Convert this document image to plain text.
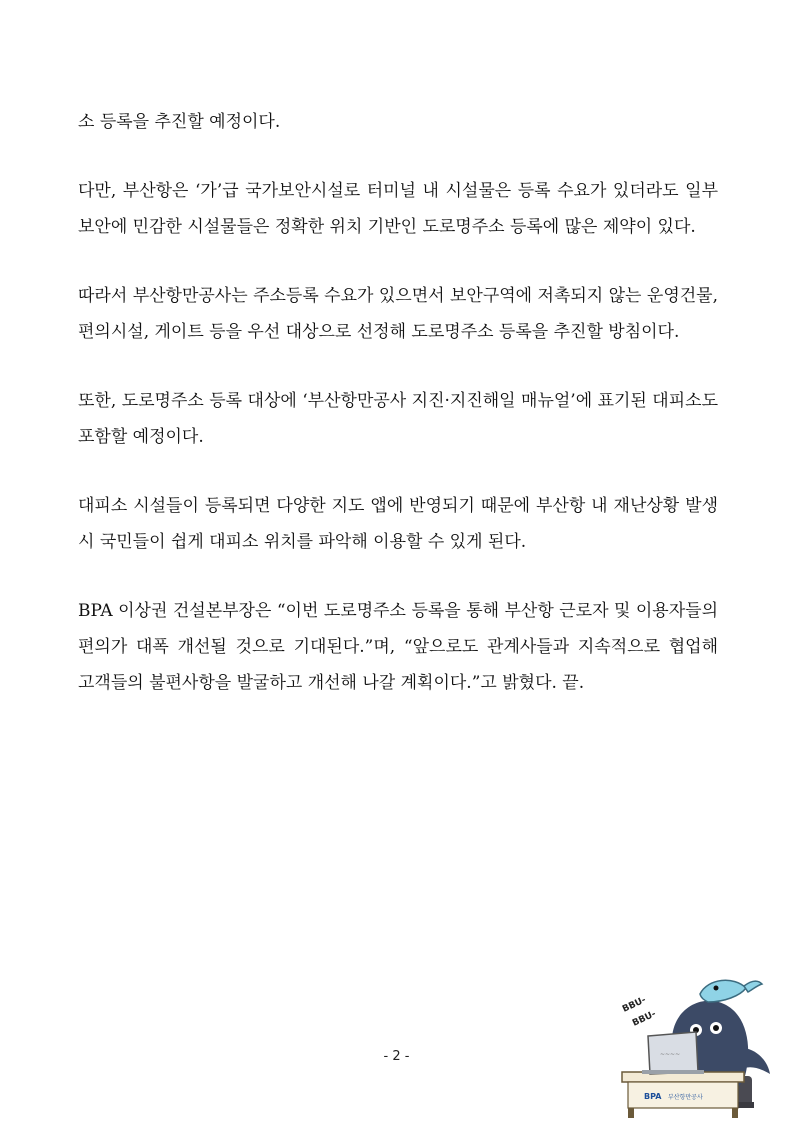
소 등록을 추진할 예정이다.

다만, 부산항은 ‘가’급 국가보안시설로 터미널 내 시설물은 등록 수요가 있더라도 일부 보안에 민감한 시설물들은 정확한 위치 기반인 도로명주소 등록에 많은 제약이 있다.

따라서 부산항만공사는 주소등록 수요가 있으면서 보안구역에 저촉되지 않는 운영건물, 편의시설, 게이트 등을 우선 대상으로 선정해 도로명주소 등록을 추진할 방침이다.

또한, 도로명주소 등록 대상에 ‘부산항만공사 지진·지진해일 매뉴얼’에 표기된 대피소도 포함할 예정이다.

대피소 시설들이 등록되면 다양한 지도 앱에 반영되기 때문에 부산항 내 재난상황 발생 시 국민들이 쉽게 대피소 위치를 파악해 이용할 수 있게 된다.

BPA 이상권 건설본부장은 “이번 도로명주소 등록을 통해 부산항 근로자 및 이용자들의 편의가 대폭 개선될 것으로 기대된다.”며, “앞으로도 관계사들과 지속적으로 협업해 고객들의 불편사항을 발굴하고 개선해 나갈 계획이다.”고 밝혔다. 끝.

- 2 -
BBU-
BBU-
BPA 부산항만공사
~~~~
